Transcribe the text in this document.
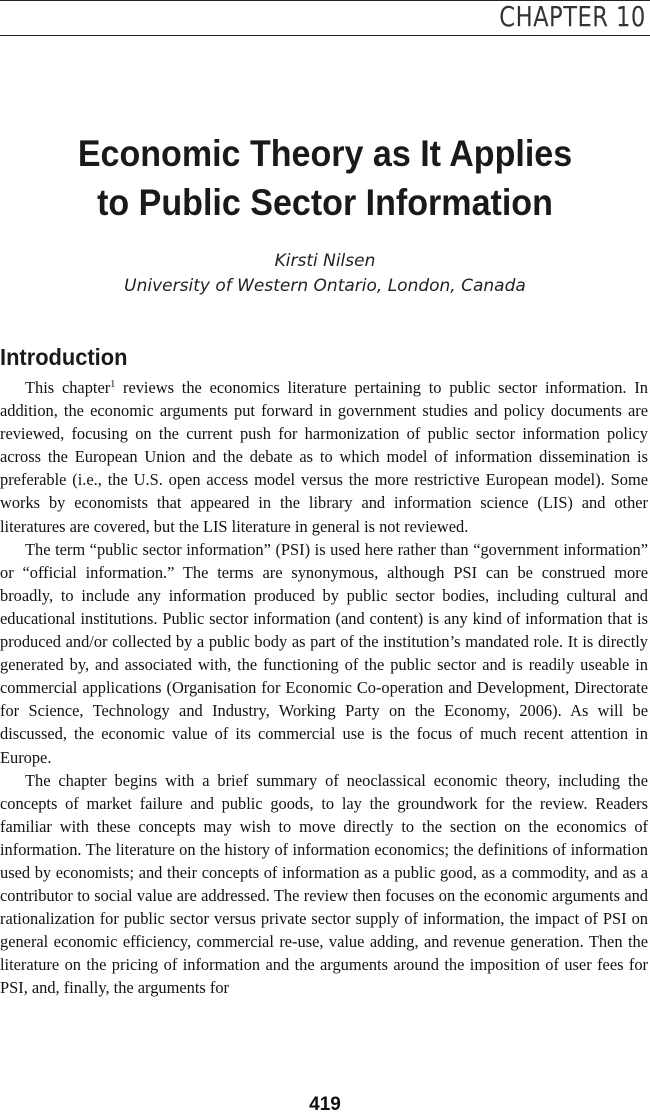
CHAPTER 10
Economic Theory as It Applies
to Public Sector Information
Kirsti Nilsen
University of Western Ontario, London, Canada
Introduction

This chapter$^1$ reviews the economics literature pertaining to public sector information. In addition, the economic arguments put forward in government studies and policy documents are reviewed, focusing on the current push for harmonization of public sector information policy across the European Union and the debate as to which model of information dissemination is preferable (i.e., the U.S. open access model versus the more restrictive European model). Some works by economists that appeared in the library and information science (LIS) and other literatures are covered, but the LIS literature in general is not reviewed.

The term “public sector information” (PSI) is used here rather than “government information” or “official information.” The terms are synonymous, although PSI can be construed more broadly, to include any information produced by public sector bodies, including cultural and educational institutions. Public sector information (and content) is any kind of information that is produced and/or collected by a public body as part of the institution’s mandated role. It is directly generated by, and associated with, the functioning of the public sector and is readily useable in commercial applications (Organisation for Economic Co-operation and Development, Directorate for Science, Technology and Industry, Working Party on the Economy, 2006). As will be discussed, the economic value of its commercial use is the focus of much recent attention in Europe.

The chapter begins with a brief summary of neoclassical economic theory, including the concepts of market failure and public goods, to lay the groundwork for the review. Readers familiar with these concepts may wish to move directly to the section on the economics of information. The literature on the history of information economics; the definitions of information used by economists; and their concepts of information as a public good, as a commodity, and as a contributor to social value are addressed. The review then focuses on the economic arguments and rationalization for public sector versus private sector supply of information, the impact of PSI on general economic efficiency, commercial re-use, value adding, and revenue generation. Then the literature on the pricing of information and the arguments around the imposition of user fees for PSI, and, finally, the arguments for

419
